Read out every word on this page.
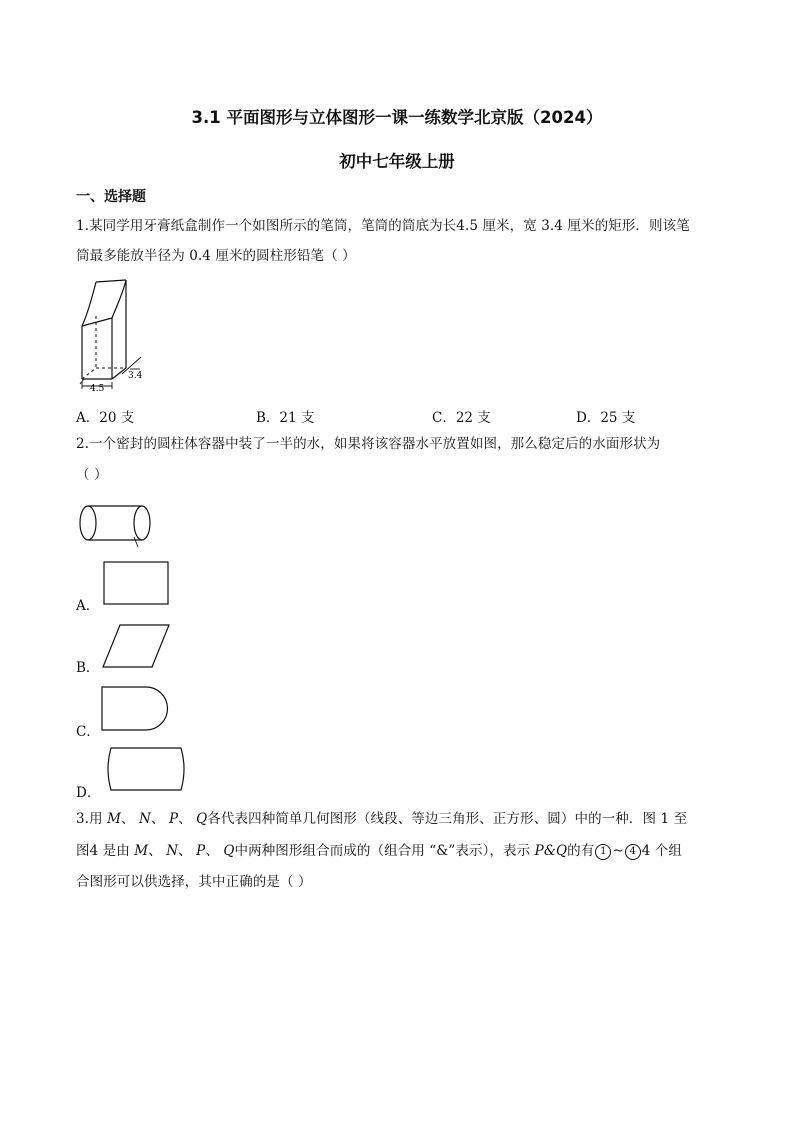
3.1 平面图形与立体图形一课一练数学北京版（2024）
初中七年级上册
一、选择题
1.某同学用牙膏纸盒制作一个如图所示的笔筒，笔筒的筒底为长4.5 厘米，宽 3.4 厘米的矩形．则该笔
筒最多能放半径为 0.4 厘米的圆柱形铅笔（ ）
4.5
3.4
A．20 支	B．21 支	C．22 支	D．25 支
2.一个密封的圆柱体容器中装了一半的水，如果将该容器水平放置如图，那么稳定后的水面形状为
（ ）
A．
B．
C．
D．
3.用 M、 N、 P、 Q各代表四种简单几何图形（线段、等边三角形、正方形、圆）中的一种．图 1 至
图4 是由 M、 N、 P、 Q中两种图形组合而成的（组合用 “&”表示），表示 P&Q的有 1 ~ 4 4 个组
合图形可以供选择，其中正确的是（ ）
